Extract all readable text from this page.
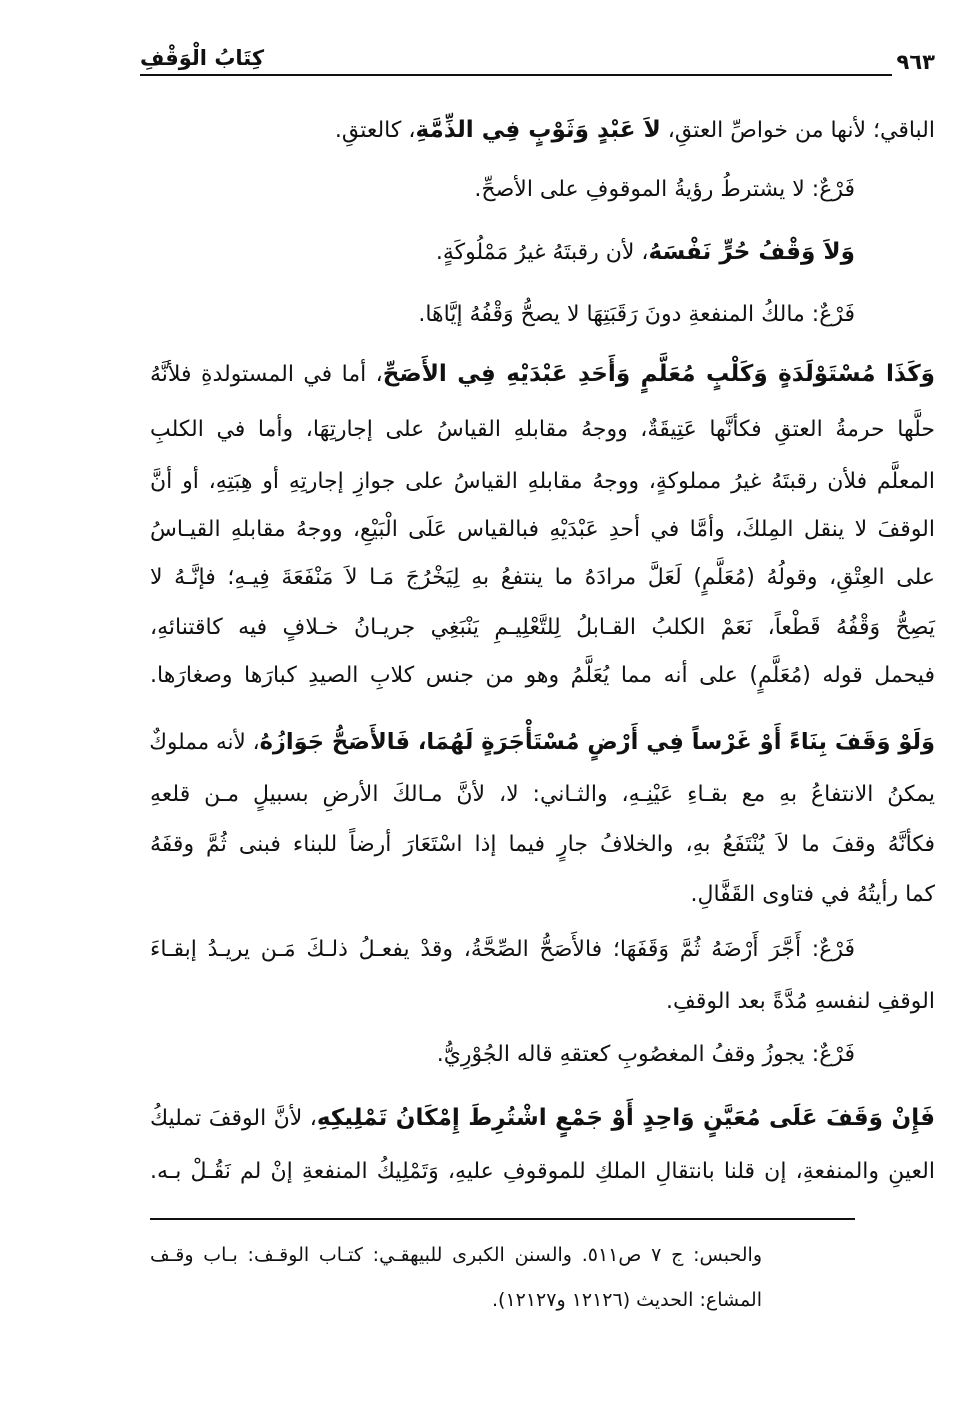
كِتَابُ الْوَقْفِ	٩٦٣
الباقي؛ لأنها من خواصِّ العتقِ، لاَ عَبْدٍ وَثَوْبٍ فِي الذِّمَّةِ، كالعتقِ.
فَرْعٌ: لا يشترطُ رؤيةُ الموقوفِ على الأصحِّ.
وَلاَ وَقْفُ حُرٍّ نَفْسَهُ، لأن رقبتَهُ غيرُ مَمْلُوكَةٍ.
فَرْعٌ: مالكُ المنفعةِ دونَ رَقَبَتِهَا لا يصحُّ وَقْفُهُ إيَّاهَا.
وَكَذَا مُسْتَوْلَدَةٍ وَكَلْبٍ مُعَلَّمٍ وَأَحَدِ عَبْدَيْهِ فِي الأَصَحِّ، أما في المستولدةِ فلأنَّهُ
حلَّها حرمةُ العتقِ فكأنَّها عَتِيقَةٌ، ووجهُ مقابلهِ القياسُ على إجارتِهَا، وأما في الكلبِ
المعلَّم فلأن رقبتَهُ غيرُ مملوكةٍ، ووجهُ مقابلهِ القياسُ على جوازِ إجارتِهِ أو هِبَتِهِ، أو أنَّ
الوقفَ لا ينقل المِلكَ، وأمَّا في أحدِ عَبْدَيْهِ فبالقياس عَلَى الْبَيْعِ، ووجهُ مقابلهِ القيـاسُ
على العِتْقِ، وقولُهُ (مُعَلَّمٍ) لَعَلَّ مرادَهُ ما ينتفعُ بهِ لِيَخْرُجَ مَـا لاَ مَنْفَعَةَ فِيـهِ؛ فإنَّـهُ لا
يَصِحُّ وَقْفُهُ قَطْعاً، نَعَمْ الكلبُ القـابلُ لِلتَّعْلِيـمِ يَنْبَغِي جريـانُ خـلافٍ فيه كاقتنائهِ،
فيحمل قوله (مُعَلَّمٍ) على أنه مما يُعَلَّمُ وهو من جنس كلابِ الصيدِ كبارَها وصغارَها.
وَلَوْ وَقَفَ بِنَاءً أَوْ غَرْساً فِي أَرْضٍ مُسْتَأْجَرَةٍ لَهُمَا، فَالأَصَحُّ جَوَازُهُ، لأنه مملوكٌ
يمكنُ الانتفاعُ بهِ مع بقـاءِ عَيْنِـهِ، والثـاني: لا، لأنَّ مـالكَ الأرضِ بسبيلٍ مـن قلعهِ
فكأنَّهُ وقفَ ما لاَ يُنْتَفَعُ بهِ، والخلافُ جارٍ فيما إذا اسْتَعَارَ أرضاً للبناء فبنى ثُمَّ وقفَهُ
كما رأيتُهُ في فتاوى القَفَّالِ.
فَرْعٌ: أَجَّرَ أَرْضَهُ ثُمَّ وَقَفَهَا؛ فالأَصَحُّ الصِّحَّةُ، وقدْ يفعـلُ ذلـكَ مَـن يريـدُ إبقـاءَ
الوقفِ لنفسهِ مُدَّةً بعد الوقفِ.
فَرْعٌ: يجوزُ وقفُ المغصُوبِ كعتقهِ قاله الجُوْرِيُّ.
فَإِنْ وَقَفَ عَلَى مُعَيَّنٍ وَاحِدٍ أَوْ جَمْعٍ اشْتُرِطَ إِمْكَانُ تَمْلِيكِهِ، لأنَّ الوقفَ تمليكُ
العينِ والمنفعةِ، إن قلنا بانتقالِ الملكِ للموقوفِ عليهِ، وَتَمْلِيكُ المنفعةِ إنْ لم نَقُـلْ بـه.
والحبس: ج ٧ ص٥١١. والسنن الكبرى للبيهقـي: كتـاب الوقـف: بـاب وقـف
المشاع: الحديث (١٢١٢٦ و١٢١٢٧).
